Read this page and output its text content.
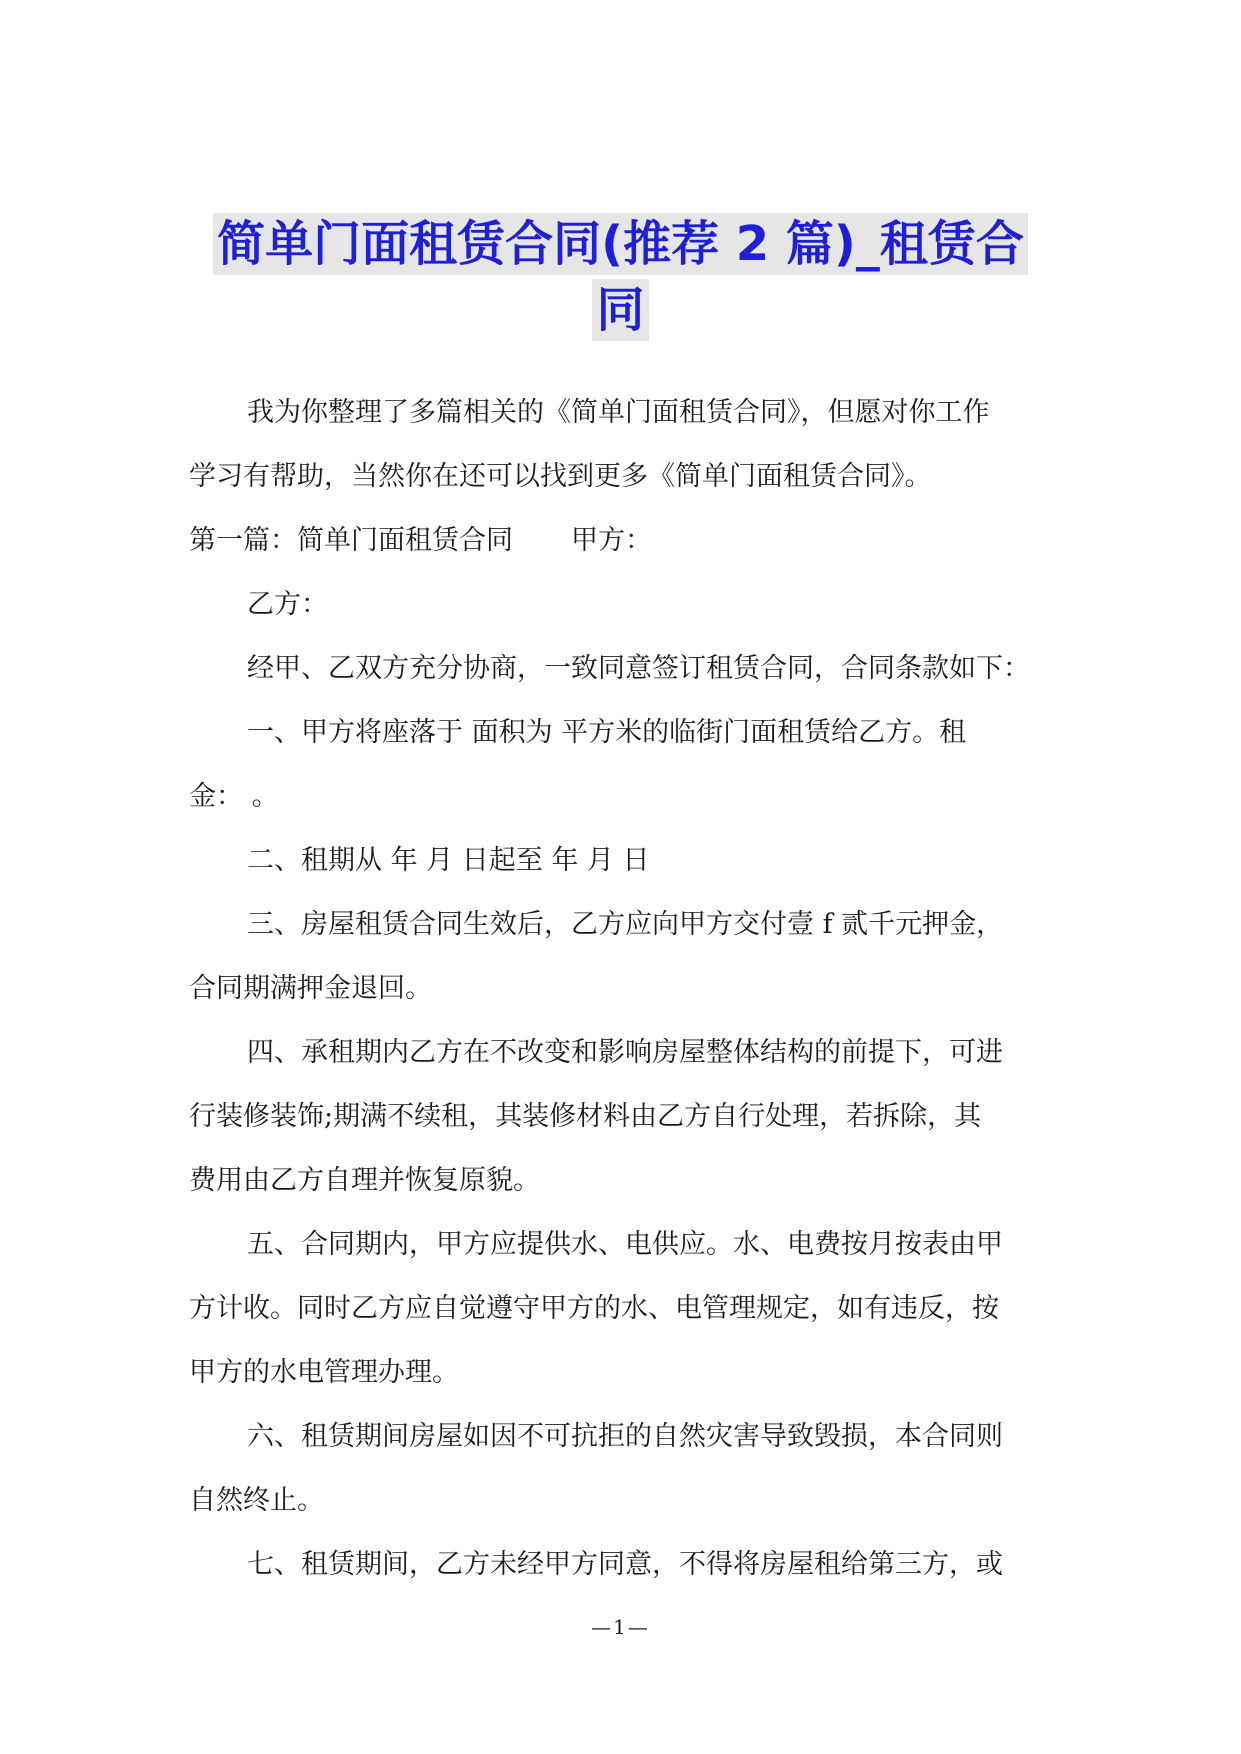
简单门面租赁合同(推荐 2 篇)_租赁合
同

我为你整理了多篇相关的《简单门面租赁合同》，但愿对你工作

学习有帮助，当然你在还可以找到更多《简单门面租赁合同》。

第一篇：简单门面租赁合同 甲方：

乙方：

经甲、乙双方充分协商，一致同意签订租赁合同，合同条款如下：

一、甲方将座落于 面积为 平方米的临街门面租赁给乙方。租

金： 。

二、租期从 年 月 日起至 年 月 日

三、房屋租赁合同生效后，乙方应向甲方交付壹 f 贰千元押金，

合同期满押金退回。

四、承租期内乙方在不改变和影响房屋整体结构的前提下，可进

行装修装饰;期满不续租，其装修材料由乙方自行处理，若拆除，其

费用由乙方自理并恢复原貌。

五、合同期内，甲方应提供水、电供应。水、电费按月按表由甲

方计收。同时乙方应自觉遵守甲方的水、电管理规定，如有违反，按

甲方的水电管理办理。

六、租赁期间房屋如因不可抗拒的自然灾害导致毁损，本合同则

自然终止。

七、租赁期间，乙方未经甲方同意，不得将房屋租给第三方，或

—1—
